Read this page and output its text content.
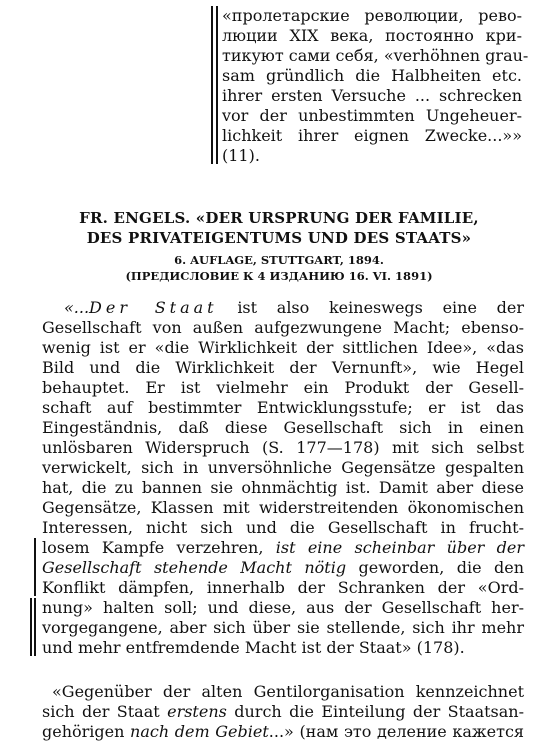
«пролетарские революции, рево-
люции XIX века, постоянно кри-
тикуют сами себя, «verhöhnen grau-
sam gründlich die Halbheiten etc.
ihrer ersten Versuche ... schrecken
vor der unbestimmten Ungeheuer-
lichkeit ihrer eignen Zwecke...»»
(11).
FR. ENGELS. «DER URSPRUNG DER FAMILIE,
DES PRIVATEIGENTUMS UND DES STAATS»
6. AUFLAGE, STUTTGART, 1894.
(ПРЕДИСЛОВИЕ К 4 ИЗДАНИЮ 16. VI. 1891)
«...Der Staat ist also keineswegs eine der
Gesellschaft von außen aufgezwungene Macht; ebenso-
wenig ist er «die Wirklichkeit der sittlichen Idee», «das
Bild und die Wirklichkeit der Vernunft», wie Hegel
behauptet. Er ist vielmehr ein Produkt der Gesell-
schaft auf bestimmter Entwicklungsstufe; er ist das
Eingeständnis, daß diese Gesellschaft sich in einen
unlösbaren Widerspruch (S. 177—178) mit sich selbst
verwickelt, sich in unversöhnliche Gegensätze gespalten
hat, die zu bannen sie ohnmächtig ist. Damit aber diese
Gegensätze, Klassen mit widerstreitenden ökonomischen
Interessen, nicht sich und die Gesellschaft in frucht-
losem Kampfe verzehren, ist eine scheinbar über der
Gesellschaft stehende Macht nötig geworden, die den
Konflikt dämpfen, innerhalb der Schranken der «Ord-
nung» halten soll; und diese, aus der Gesellschaft her-
vorgegangene, aber sich über sie stellende, sich ihr mehr
und mehr entfremdende Macht ist der Staat» (178).
«Gegenüber der alten Gentilorganisation kennzeichnet
sich der Staat erstens durch die Einteilung der Staatsan-
gehörigen nach dem Gebiet...» (нам это деление кажется
